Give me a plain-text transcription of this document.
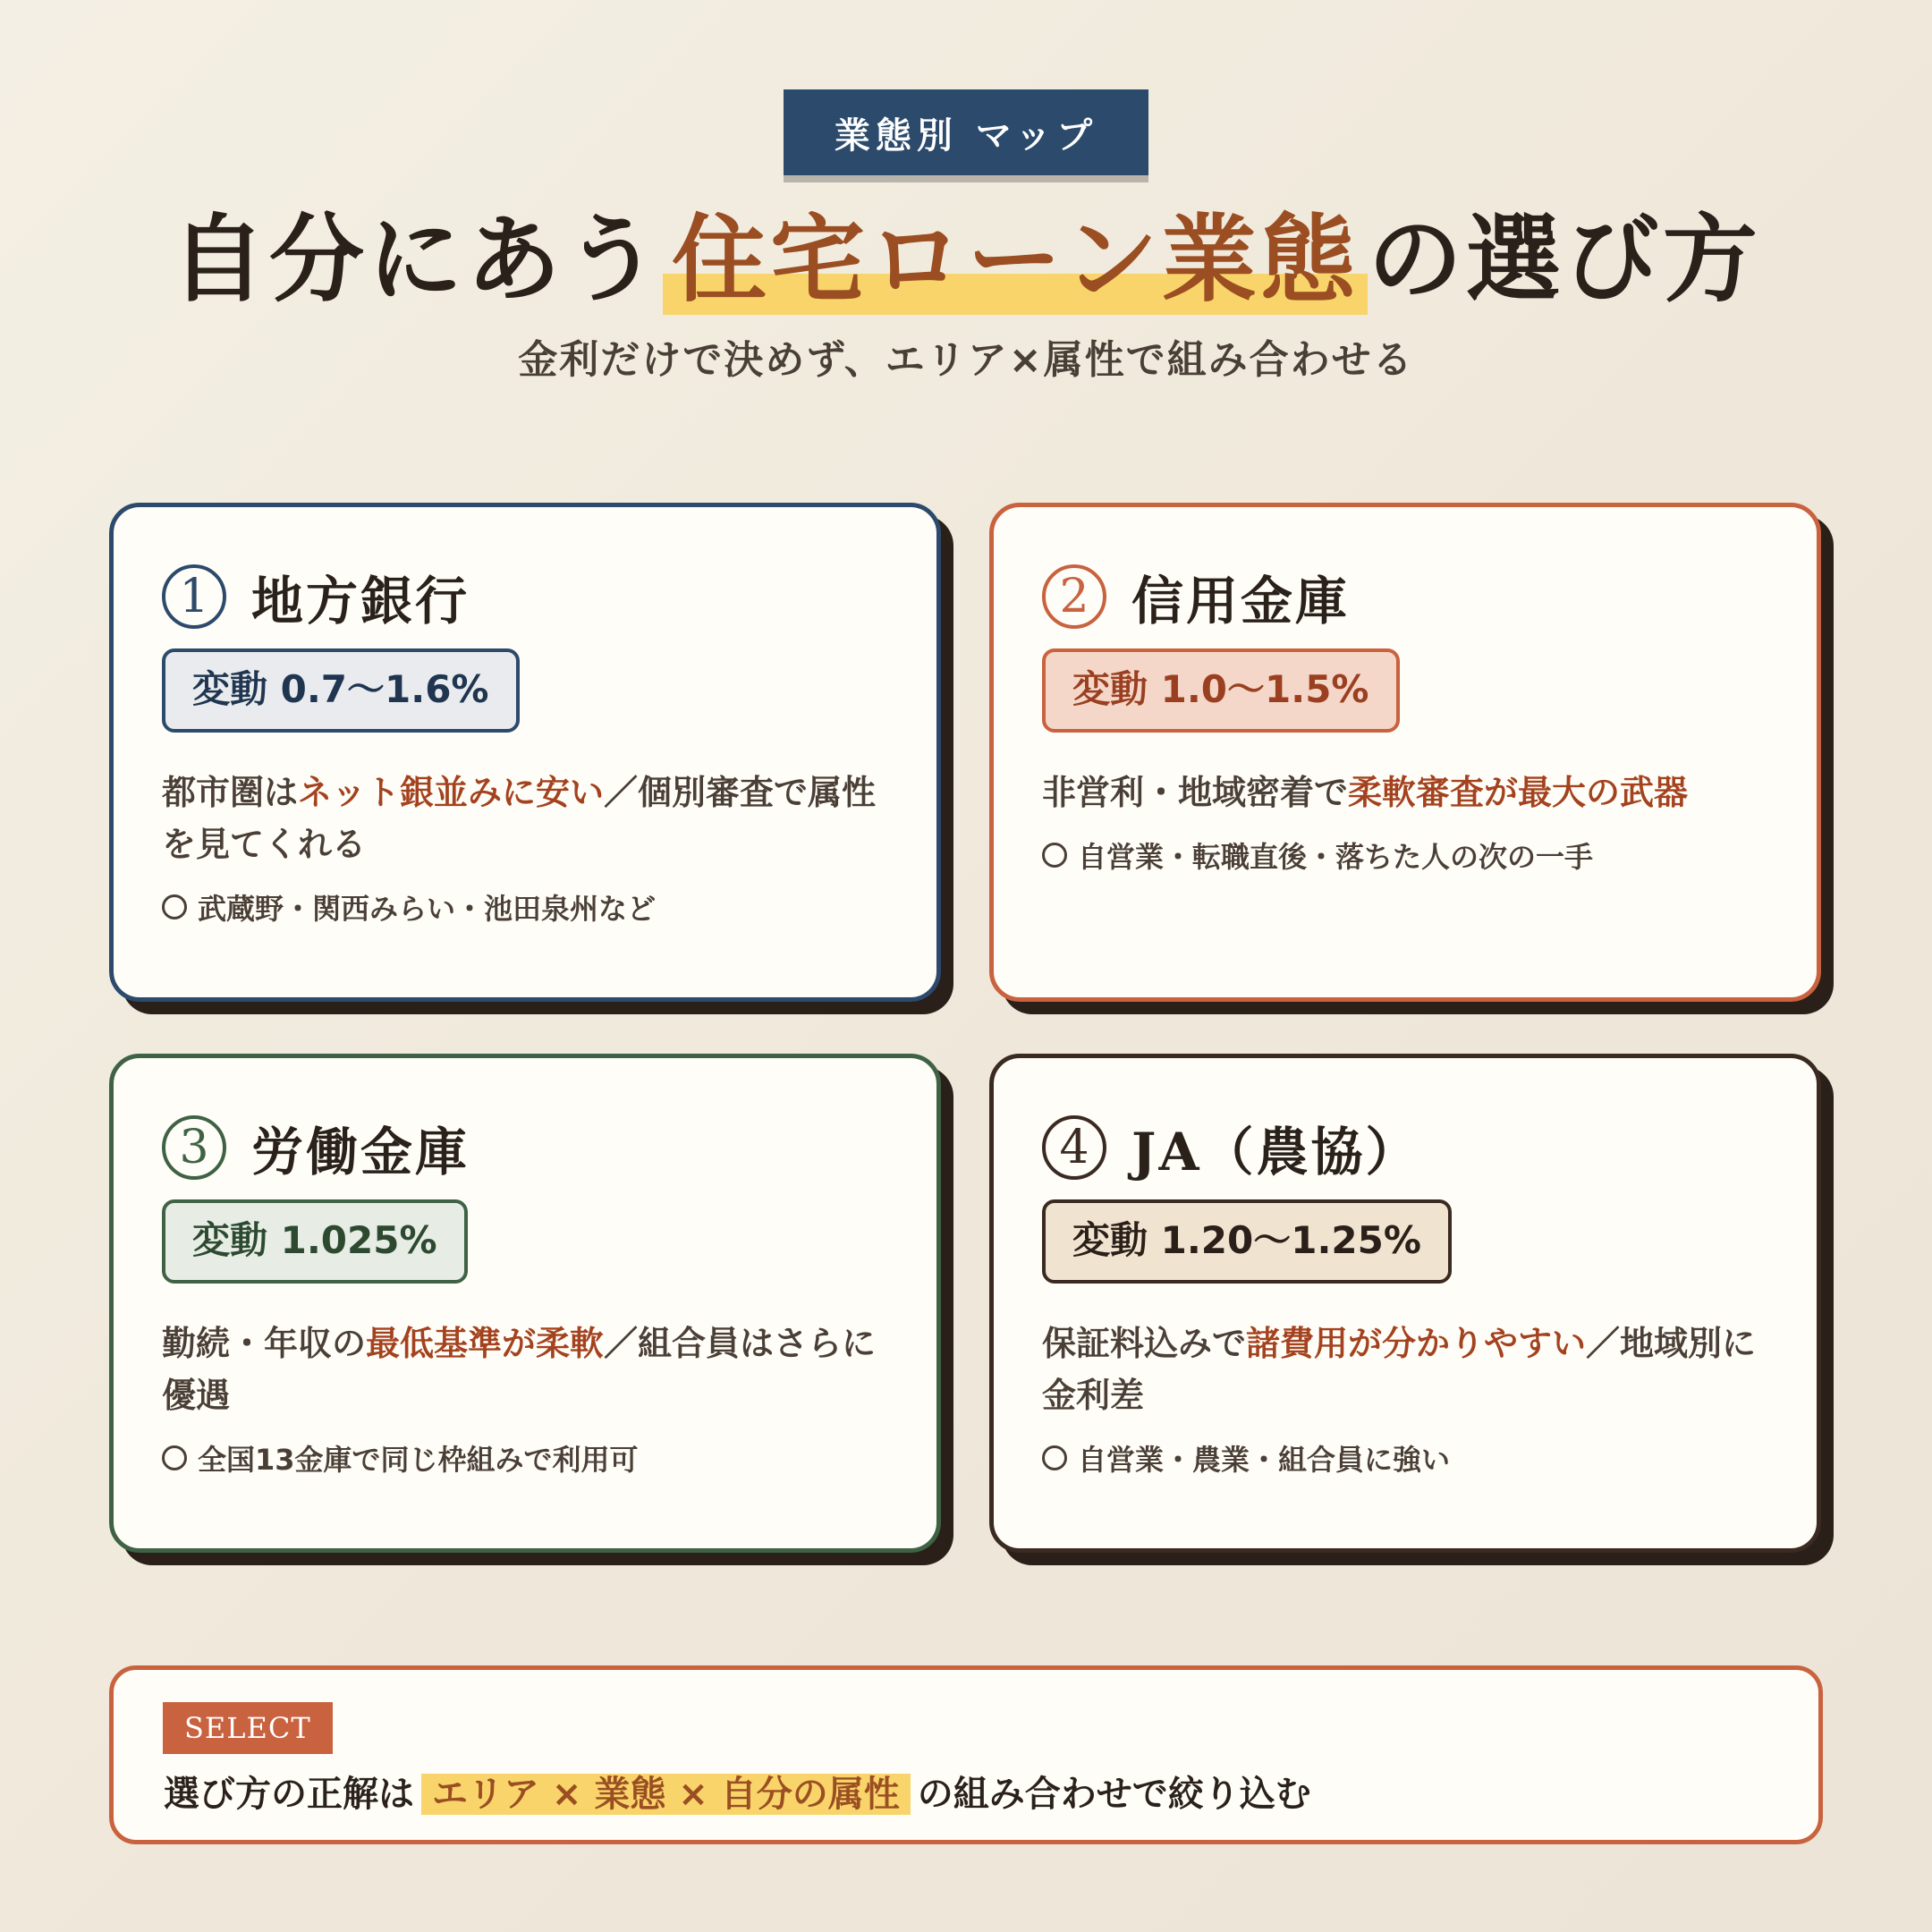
業態別 マップ
自分にあう住宅ローン業態の選び方
金利だけで決めず、エリア×属性で組み合わせる
1 地方銀行
変動 0.7〜1.6%
都市圏はネット銀並みに安い／個別審査で属性を見てくれる
武蔵野・関西みらい・池田泉州など
2 信用金庫
変動 1.0〜1.5%
非営利・地域密着で柔軟審査が最大の武器
自営業・転職直後・落ちた人の次の一手
3 労働金庫
変動 1.025%
勤続・年収の最低基準が柔軟／組合員はさらに優遇
全国13金庫で同じ枠組みで利用可
4 JA（農協）
変動 1.20〜1.25%
保証料込みで諸費用が分かりやすい／地域別に金利差
自営業・農業・組合員に強い
SELECT
選び方の正解は エリア × 業態 × 自分の属性 の組み合わせで絞り込む
